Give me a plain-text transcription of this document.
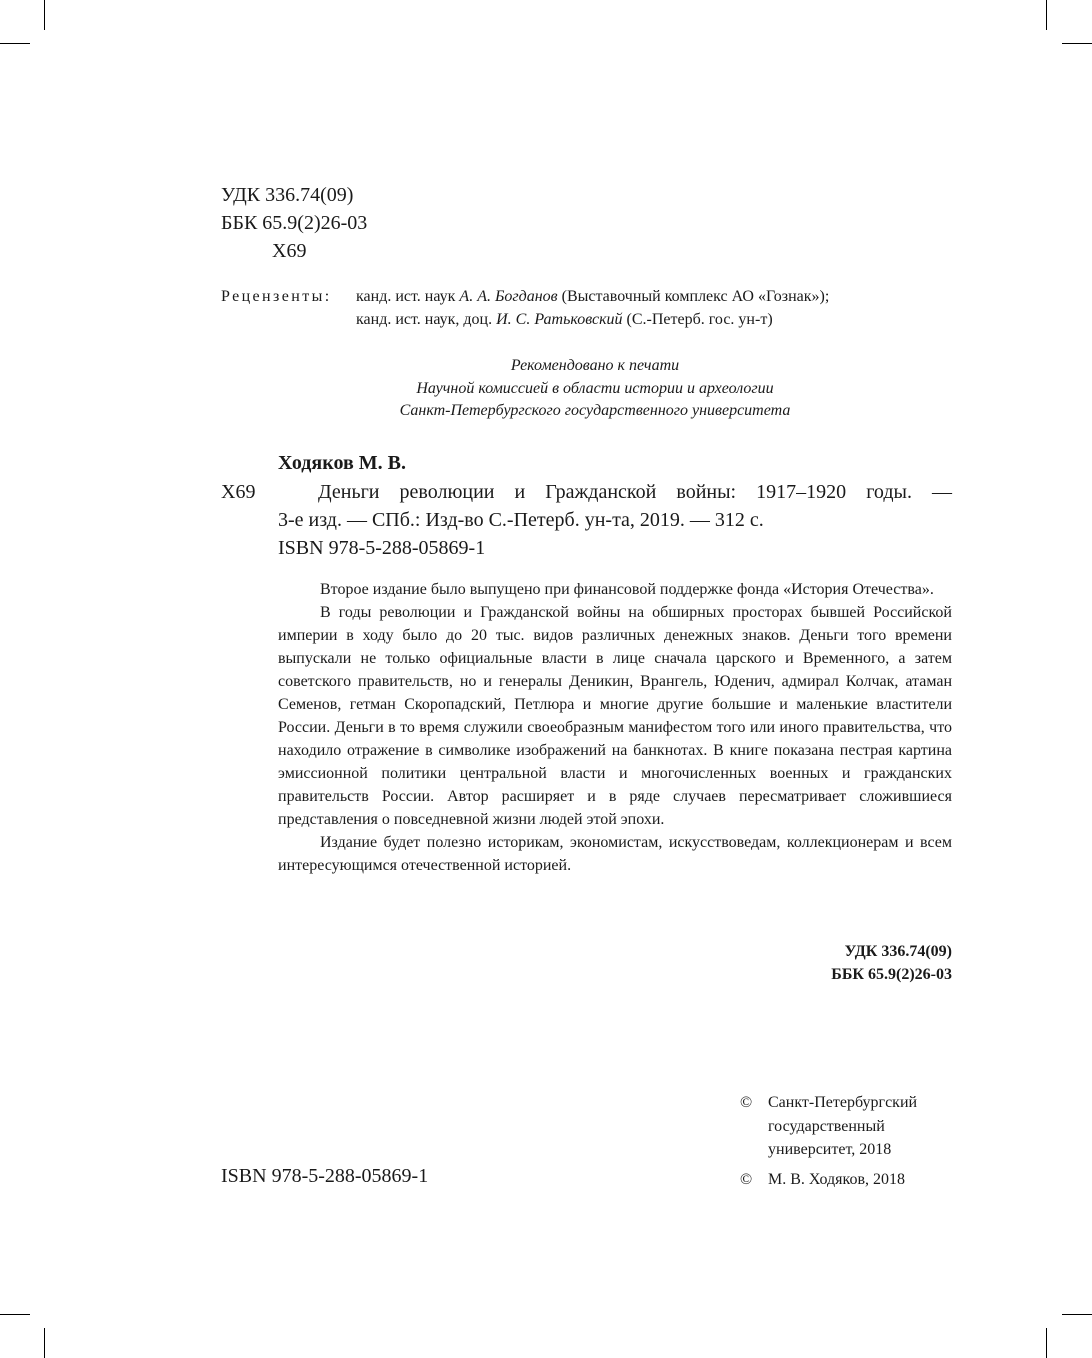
УДК 336.74(09)
ББК 65.9(2)26-03
Х69
Рецензенты: канд. ист. наук А. А. Богданов (Выставочный комплекс АО «Гознак»);
канд. ист. наук, доц. И. С. Ратьковский (С.-Петерб. гос. ун-т)
Рекомендовано к печати
Научной комиссией в области истории и археологии
Санкт-Петербургского государственного университета
Ходяков М. В.
Х69	Деньги революции и Гражданской войны: 1917–1920 годы. —
3-е изд. — СПб.: Изд-во С.-Петерб. ун-та, 2019. — 312 с.
ISBN 978-5-288-05869-1
Второе издание было выпущено при финансовой поддержке фонда «История Отечества».
В годы революции и Гражданской войны на обширных просторах бывшей Российской империи в ходу было до 20 тыс. видов различных денежных знаков. Деньги того времени выпускали не только официальные власти в лице сначала царского и Временного, а затем советского правительств, но и генералы Деникин, Врангель, Юденич, адмирал Колчак, атаман Семенов, гетман Скоропадский, Петлюра и многие другие большие и маленькие властители России. Деньги в то время служили своеобразным манифестом того или иного правительства, что находило отражение в символике изображений на банкнотах. В книге показана пестрая картина эмиссионной политики центральной власти и многочисленных военных и гражданских правительств России. Автор расширяет и в ряде случаев пересматривает сложившиеся представления о повседневной жизни людей этой эпохи.
Издание будет полезно историкам, экономистам, искусствоведам, коллекционерам и всем интересующимся отечественной историей.
УДК 336.74(09)
ББК 65.9(2)26-03
ISBN 978-5-288-05869-1
© Санкт-Петербургский
государственный
университет, 2018
© М. В. Ходяков, 2018
